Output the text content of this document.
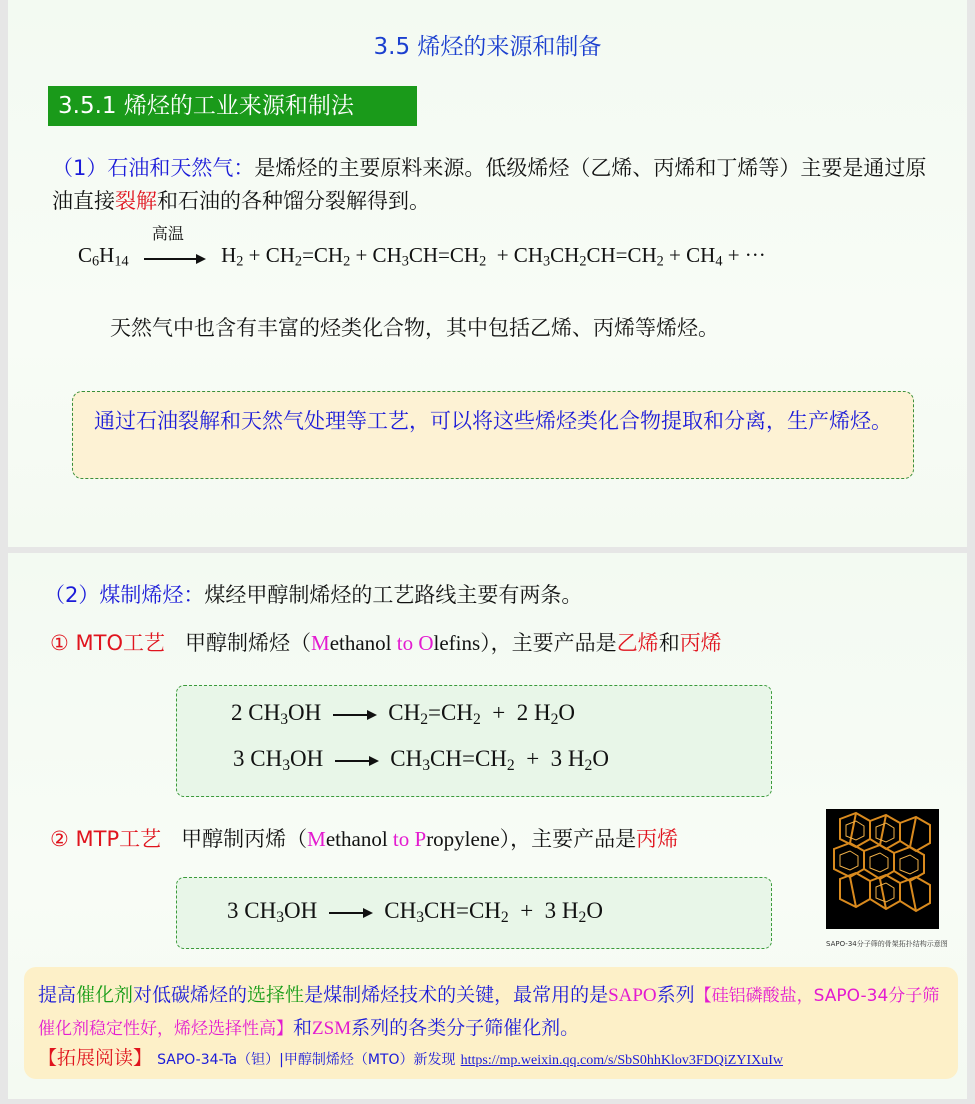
3.5 烯烃的来源和制备
3.5.1 烯烃的工业来源和制法
（1）石油和天然气：是烯烃的主要原料来源。低级烯烃（乙烯、丙烯和丁烯等）主要是通过原油直接裂解和石油的各种馏分裂解得到。
$C_6H_{14}$
高温
$H_2 + CH_2=CH_2 + CH_3CH=CH_2 + CH_3CH_2CH=CH_2 + CH_4$ + ···
天然气中也含有丰富的烃类化合物，其中包括乙烯、丙烯等烯烃。
通过石油裂解和天然气处理等工艺，可以将这些烯烃类化合物提取和分离，生产烯烃。
（2）煤制烯烃：煤经甲醇制烯烃的工艺路线主要有两条。
① MTO工艺 甲醇制烯烃（Methanol to Olefins），主要产品是乙烯和丙烯
2 $CH_3OH$    $CH_2=CH_2 + 2$ $H_2O$
3 $CH_3OH$    $CH_3CH=CH_2 + 3$ $H_2O$
② MTP工艺 甲醇制丙烯（Methanol to Propylene），主要产品是丙烯
3 $CH_3OH$    $CH_3CH=CH_2 + 3$ $H_2O$
SAPO-34分子筛的骨架拓扑结构示意图
提高催化剂对低碳烯烃的选择性是煤制烯烃技术的关键，最常用的是SAPO系列【硅铝磷酸盐，SAPO-34分子筛催化剂稳定性好，烯烃选择性高】和ZSM系列的各类分子筛催化剂。
【拓展阅读】 SAPO-34-Ta（钽）|甲醇制烯烃（MTO）新发现 https://mp.weixin.qq.com/s/SbS0hhKlov3FDQiZYIXuIw
